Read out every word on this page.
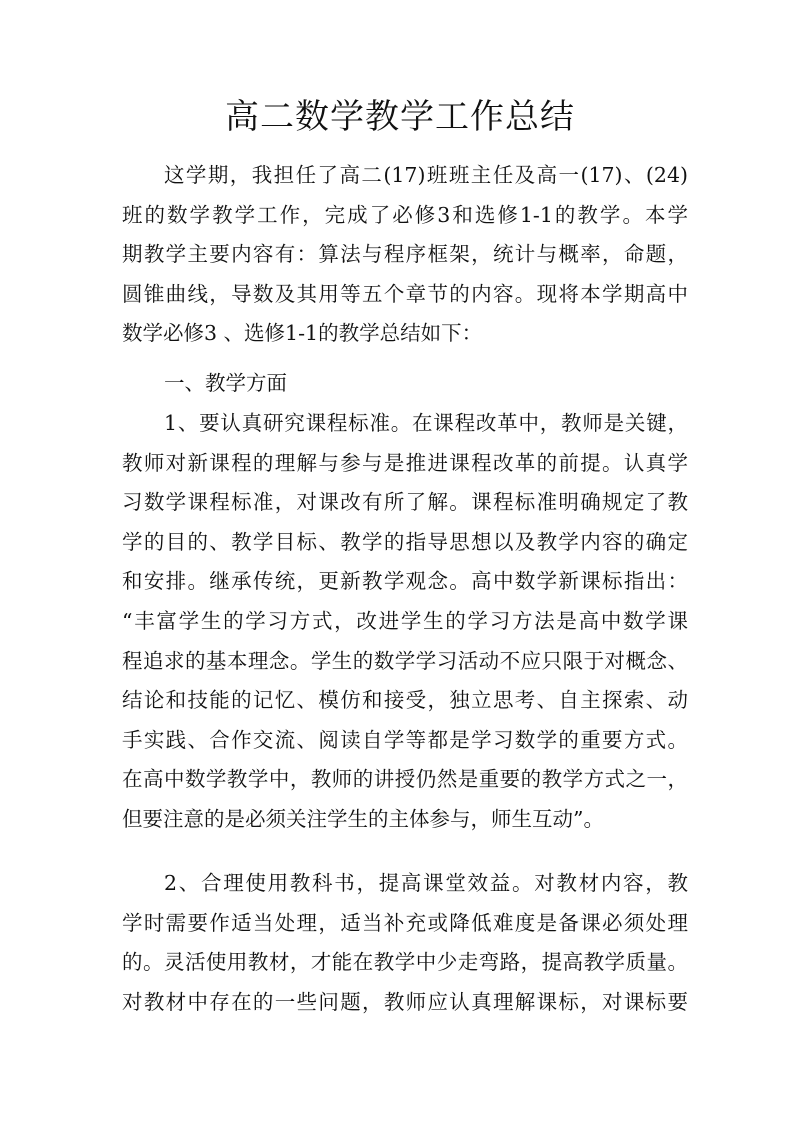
高二数学教学工作总结
这学期，我担任了高二(17)班班主任及高一(17)、(24)
班的数学教学工作，完成了必修3和选修1-1的教学。本学
期教学主要内容有：算法与程序框架，统计与概率，命题，
圆锥曲线，导数及其用等五个章节的内容。现将本学期高中
数学必修3 、选修1-1的教学总结如下：
一、教学方面
1、要认真研究课程标准。在课程改革中，教师是关键，
教师对新课程的理解与参与是推进课程改革的前提。认真学
习数学课程标准，对课改有所了解。课程标准明确规定了教
学的目的、教学目标、教学的指导思想以及教学内容的确定
和安排。继承传统，更新教学观念。高中数学新课标指出：
“丰富学生的学习方式，改进学生的学习方法是高中数学课
程追求的基本理念。学生的数学学习活动不应只限于对概念、
结论和技能的记忆、模仿和接受，独立思考、自主探索、动
手实践、合作交流、阅读自学等都是学习数学的重要方式。
在高中数学教学中，教师的讲授仍然是重要的教学方式之一，
但要注意的是必须关注学生的主体参与，师生互动”。
2、合理使用教科书，提高课堂效益。对教材内容，教
学时需要作适当处理，适当补充或降低难度是备课必须处理
的。灵活使用教材，才能在教学中少走弯路，提高教学质量。
对教材中存在的一些问题，教师应认真理解课标，对课标要
